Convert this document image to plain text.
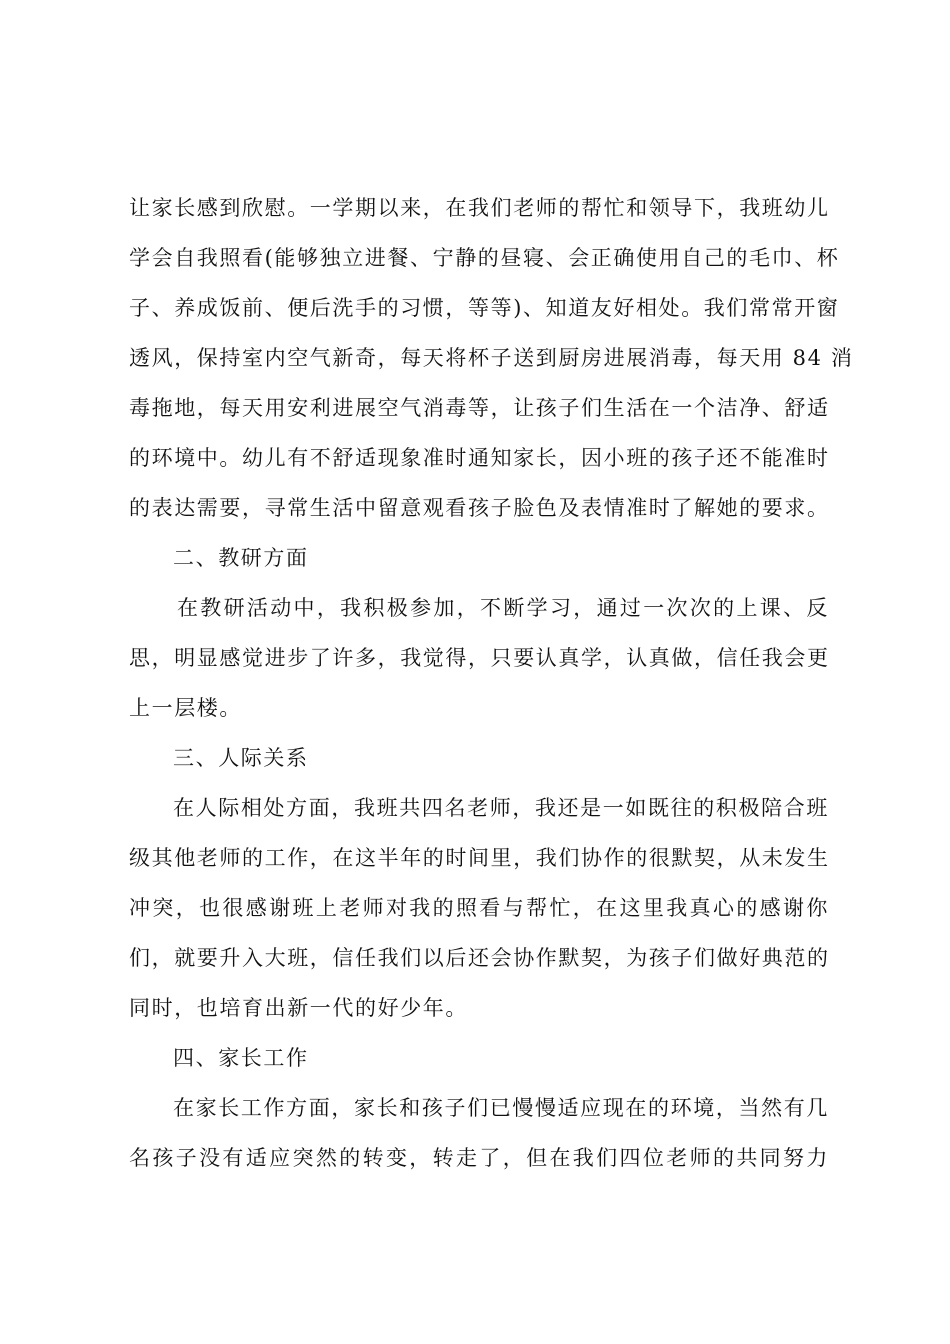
让家长感到欣慰。一学期以来，在我们老师的帮忙和领导下，我班幼儿
学会自我照看(能够独立进餐、宁静的昼寝、会正确使用自己的毛巾、杯
子、养成饭前、便后洗手的习惯，等等)、知道友好相处。我们常常开窗
透风，保持室内空气新奇，每天将杯子送到厨房进展消毒，每天用 84 消
毒拖地，每天用安利进展空气消毒等，让孩子们生活在一个洁净、舒适
的环境中。幼儿有不舒适现象准时通知家长，因小班的孩子还不能准时
的表达需要，寻常生活中留意观看孩子脸色及表情准时了解她的要求。
二、教研方面
在教研活动中，我积极参加，不断学习，通过一次次的上课、反
思，明显感觉进步了许多，我觉得，只要认真学，认真做，信任我会更
上一层楼。
三、人际关系
在人际相处方面，我班共四名老师，我还是一如既往的积极陪合班
级其他老师的工作，在这半年的时间里，我们协作的很默契，从未发生
冲突，也很感谢班上老师对我的照看与帮忙，在这里我真心的感谢你
们，就要升入大班，信任我们以后还会协作默契，为孩子们做好典范的
同时，也培育出新一代的好少年。
四、家长工作
在家长工作方面，家长和孩子们已慢慢适应现在的环境，当然有几
名孩子没有适应突然的转变，转走了，但在我们四位老师的共同努力
